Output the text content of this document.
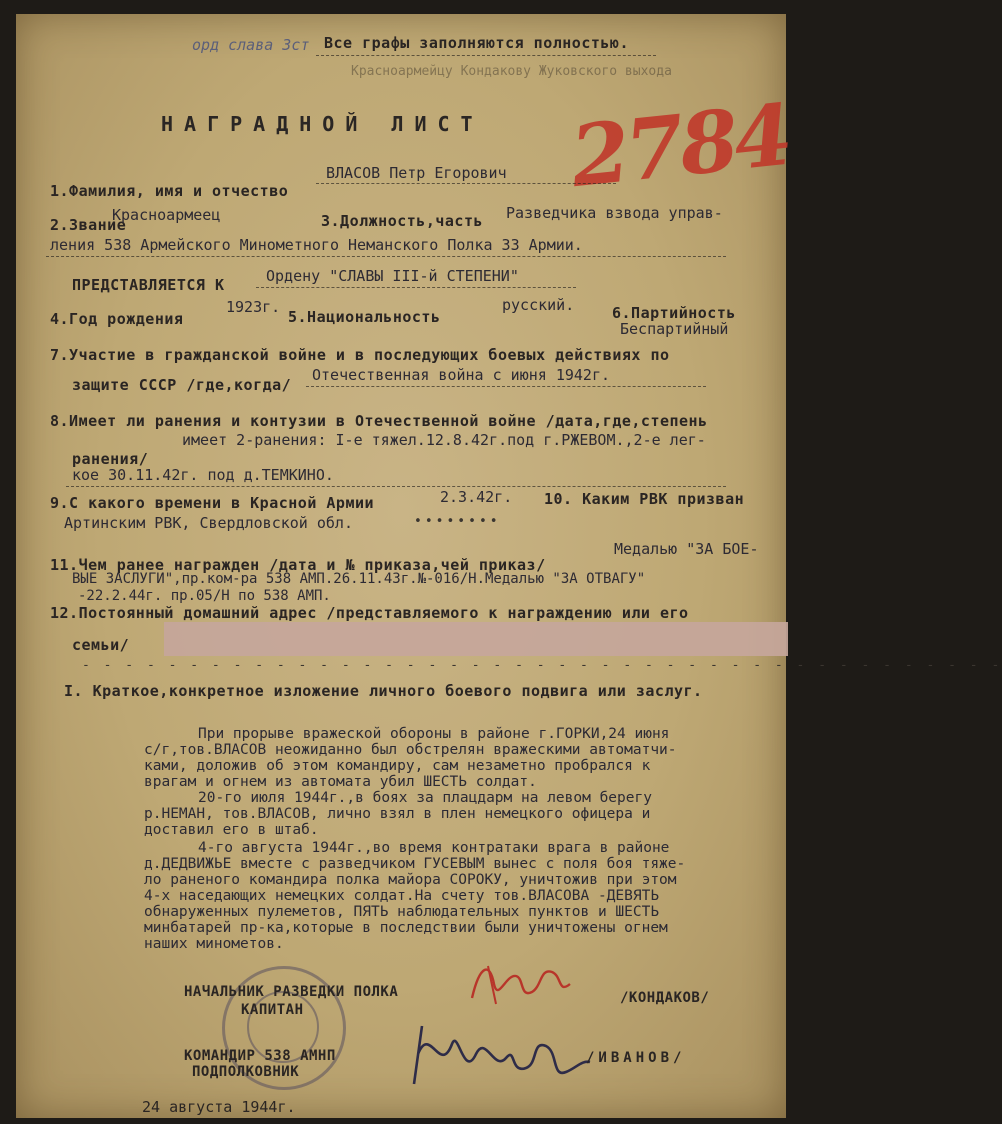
орд слава 3ст Все графы заполняются полностью.
Красноармейцу Кондакову Жуковского выхода
НАГРАДНОЙ ЛИСТ 2784
1.Фамилия, имя и отчество
ВЛАСОВ Петр Егорович
2.Звание
Красноармеец	3.Должность,часть Разведчика взвода управ-
ления 538 Армейского Минометного Неманского Полка 33 Армии.
ПРЕДСТАВЛЯЕТСЯ К	Ордену "СЛАВЫ III-й СТЕПЕНИ"
4.Год рождения
1923г.
5.Национальность
русский.	6.Партийность
Беспартийный
7.Участие в гражданской войне и в последующих боевых действиях по
защите СССР /где,когда/
Отечественная война с июня 1942г.
8.Имеет ли ранения и контузии в Отечественной войне /дата,где,степень
имеет 2-ранения: I-е тяжел.12.8.42г.под г.РЖЕВОМ.,2-е лег-
ранения/
кое 30.11.42г. под д.ТЕМКИНО.
9.С какого времени в Красной Армии	2.3.42г. 10. Каким РВК призван
Артинским РВК, Свердловской обл.	••••••••
11.Чем ранее награжден /дата и № приказа,чей приказ/
Медалью "ЗА БОЕ-
ВЫЕ ЗАСЛУГИ",пр.ком-ра 538 АМП.26.11.43г.№-016/Н.Медалью "ЗА ОТВАГУ"
-22.2.44г. пр.05/Н по 538 АМП.
12.Постоянный домашний адрес /представляемого к награждению или его
семьи/
- - - - - - - - - - - - - - - - - - - - - - - - - - - - - - - - - - - - - - - - - - -
I. Краткое,конкретное изложение личного боевого подвига или заслуг.
При прорыве вражеской обороны в районе г.ГОРКИ,24 июня
с/г,тов.ВЛАСОВ неожиданно был обстрелян вражескими автоматчи-
ками, доложив об этом командиру, сам незаметно пробрался к
врагам и огнем из автомата убил ШЕСТЬ солдат.
20-го июля 1944г.,в боях за плацдарм на левом берегу
р.НЕМАН, тов.ВЛАСОВ, лично взял в плен немецкого офицера и
доставил его в штаб.
4-го августа 1944г.,во время контратаки врага в районе
д.ДЕДВИЖЬЕ вместе с разведчиком ГУСЕВЫМ вынес с поля боя тяже-
ло раненого командира полка майора СОРОКУ, уничтожив при этом
4-х наседающих немецких солдат.На счету тов.ВЛАСОВА -ДЕВЯТЬ
обнаруженных пулеметов, ПЯТЬ наблюдательных пунктов и ШЕСТЬ
минбатарей пр-ка,которые в последствии были уничтожены огнем
наших минометов.
НАЧАЛЬНИК РАЗВЕДКИ ПОЛКА
КАПИТАН
/КОНДАКОВ/
КОМАНДИР 538 АМНП
ПОДПОЛКОВНИК
/ИВАНОВ/
24 августа 1944г.
